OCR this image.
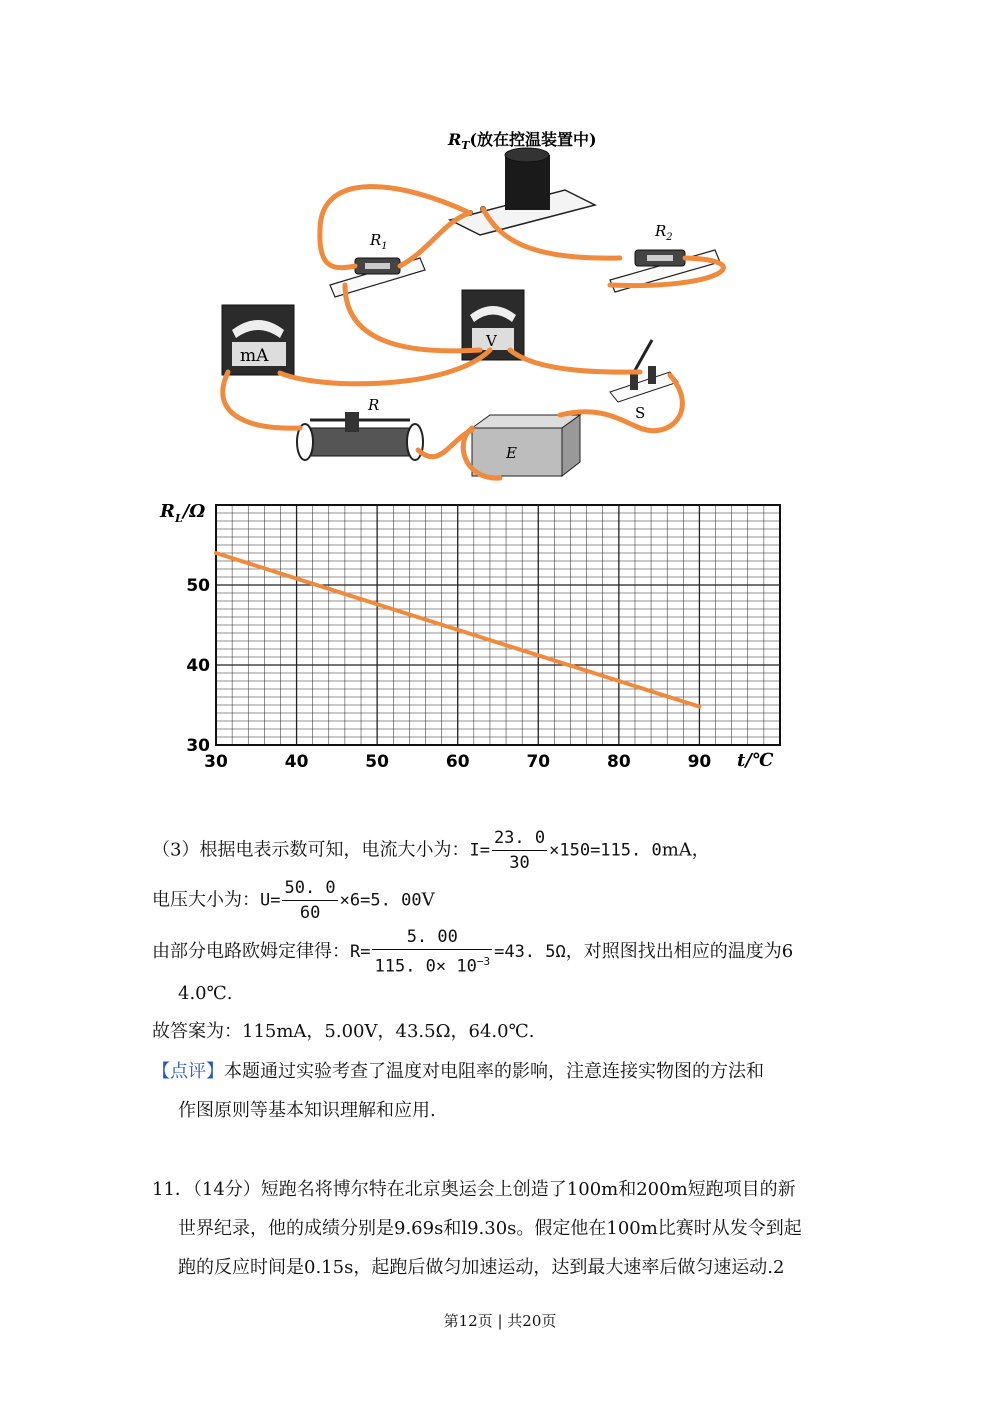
$R_T$(放在控温装置中)
$R_1$
$R_2$
mA
V
S
R
E
30	40	50	60	70	80	90
50
40
30
$R_L/\Omega$
t/℃
（3）根据电表示数可知，电流大小为：$I= \frac{23. 0}{30} \times 150=115$. 0mA，
电压大小为：$U= \frac{50. 0}{60} \times 6=5$. 00V
由部分电路欧姆定律得：$R= \frac{5. 00}{115. 0\times 10^{-3}} =43$. 5Ω，对照图找出相应的温度为6
4.0℃.
故答案为：115mA，5.00V，43.5Ω，64.0℃.
【点评】本题通过实验考查了温度对电阻率的影响，注意连接实物图的方法和
作图原则等基本知识理解和应用.
11．（14分）短跑名将博尔特在北京奥运会上创造了100m和200m短跑项目的新
世界纪录，他的成绩分别是9.69s和l9.30s。假定他在100m比赛时从发令到起
跑的反应时间是0.15s，起跑后做匀加速运动，达到最大速率后做匀速运动.2
第12页 | 共20页
